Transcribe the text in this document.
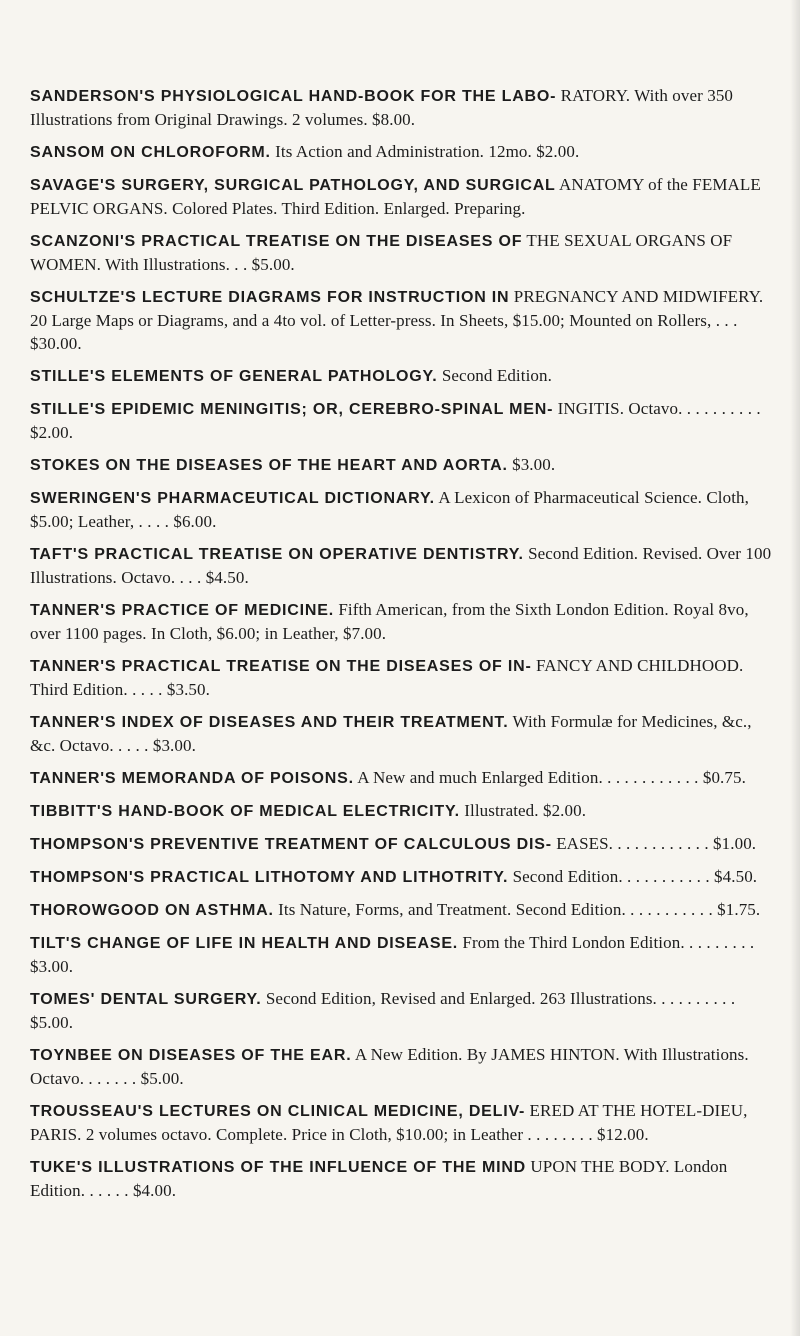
SANDERSON'S PHYSIOLOGICAL HAND-BOOK FOR THE LABO- RATORY. With over 350 Illustrations from Original Drawings. 2 volumes. $8.00.
SANSOM ON CHLOROFORM. Its Action and Administration. 12mo. $2.00.
SAVAGE'S SURGERY, SURGICAL PATHOLOGY, AND SURGICAL ANATOMY of the FEMALE PELVIC ORGANS. Colored Plates. Third Edition. Enlarged. Preparing.
SCANZONI'S PRACTICAL TREATISE ON THE DISEASES OF THE SEXUAL ORGANS OF WOMEN. With Illustrations. . . $5.00.
SCHULTZE'S LECTURE DIAGRAMS FOR INSTRUCTION IN PREGNANCY AND MIDWIFERY. 20 Large Maps or Diagrams, and a 4to vol. of Letter-press. In Sheets, $15.00; Mounted on Rollers, . . . $30.00.
STILLE'S ELEMENTS OF GENERAL PATHOLOGY. Second Edition.
STILLE'S EPIDEMIC MENINGITIS; OR, CEREBRO-SPINAL MEN- INGITIS. Octavo. . . . . . . . . . $2.00.
STOKES ON THE DISEASES OF THE HEART AND AORTA. $3.00.
SWERINGEN'S PHARMACEUTICAL DICTIONARY. A Lexicon of Pharmaceutical Science. Cloth, $5.00; Leather, . . . . $6.00.
TAFT'S PRACTICAL TREATISE ON OPERATIVE DENTISTRY. Second Edition. Revised. Over 100 Illustrations. Octavo. . . . $4.50.
TANNER'S PRACTICE OF MEDICINE. Fifth American, from the Sixth London Edition. Royal 8vo, over 1100 pages. In Cloth, $6.00; in Leather, $7.00.
TANNER'S PRACTICAL TREATISE ON THE DISEASES OF IN- FANCY AND CHILDHOOD. Third Edition. . . . . $3.50.
TANNER'S INDEX OF DISEASES AND THEIR TREATMENT. With Formulæ for Medicines, &c., &c. Octavo. . . . . $3.00.
TANNER'S MEMORANDA OF POISONS. A New and much Enlarged Edition. . . . . . . . . . . . $0.75.
TIBBITT'S HAND-BOOK OF MEDICAL ELECTRICITY. Illustrated. $2.00.
THOMPSON'S PREVENTIVE TREATMENT OF CALCULOUS DIS- EASES. . . . . . . . . . . . $1.00.
THOMPSON'S PRACTICAL LITHOTOMY AND LITHOTRITY. Second Edition. . . . . . . . . . . $4.50.
THOROWGOOD ON ASTHMA. Its Nature, Forms, and Treatment. Second Edition. . . . . . . . . . . $1.75.
TILT'S CHANGE OF LIFE IN HEALTH AND DISEASE. From the Third London Edition. . . . . . . . . $3.00.
TOMES' DENTAL SURGERY. Second Edition, Revised and Enlarged. 263 Illustrations. . . . . . . . . . $5.00.
TOYNBEE ON DISEASES OF THE EAR. A New Edition. By JAMES HINTON. With Illustrations. Octavo. . . . . . . $5.00.
TROUSSEAU'S LECTURES ON CLINICAL MEDICINE, DELIV- ERED AT THE HOTEL-DIEU, PARIS. 2 volumes octavo. Complete. Price in Cloth, $10.00; in Leather . . . . . . . . $12.00.
TUKE'S ILLUSTRATIONS OF THE INFLUENCE OF THE MIND UPON THE BODY. London Edition. . . . . . $4.00.
